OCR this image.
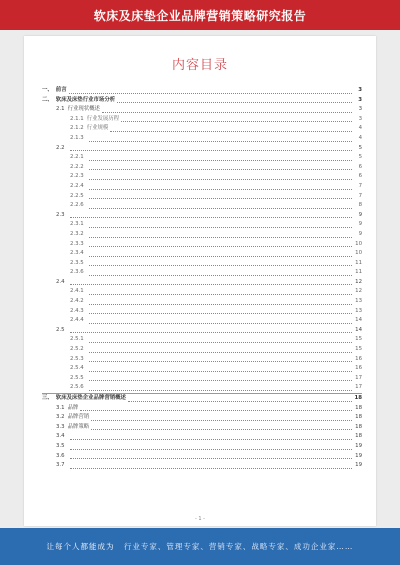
软床及床垫企业品牌营销策略研究报告
内容目录
一、 前言	3
二、 软床及床垫行业市场分析	3
2.1 行业现状概述	3
2.1.1 行业发展历程	3
2.1.2 行业规模	4
2.1.3	4
2.2	5
2.2.1	5
2.2.2	6
2.2.3	6
2.2.4	7
2.2.5	7
2.2.6	8
2.3	9
2.3.1	9
2.3.2	9
2.3.3	10
2.3.4	10
2.3.5	11
2.3.6	11
2.4	12
2.4.1	12
2.4.2	13
2.4.3	13
2.4.4	14
2.5	14
2.5.1	15
2.5.2	15
2.5.3	16
2.5.4	16
2.5.5	17
2.5.6	17
三、 软床及床垫企业品牌营销概述	18
3.1 品牌	18
3.2 品牌营销	18
3.3 品牌策略	18
3.4	18
3.5	19
3.6	19
3.7	19
- 1 -
让每个人都能成为 行业专家、管理专家、营销专家、战略专家、成功企业家……
